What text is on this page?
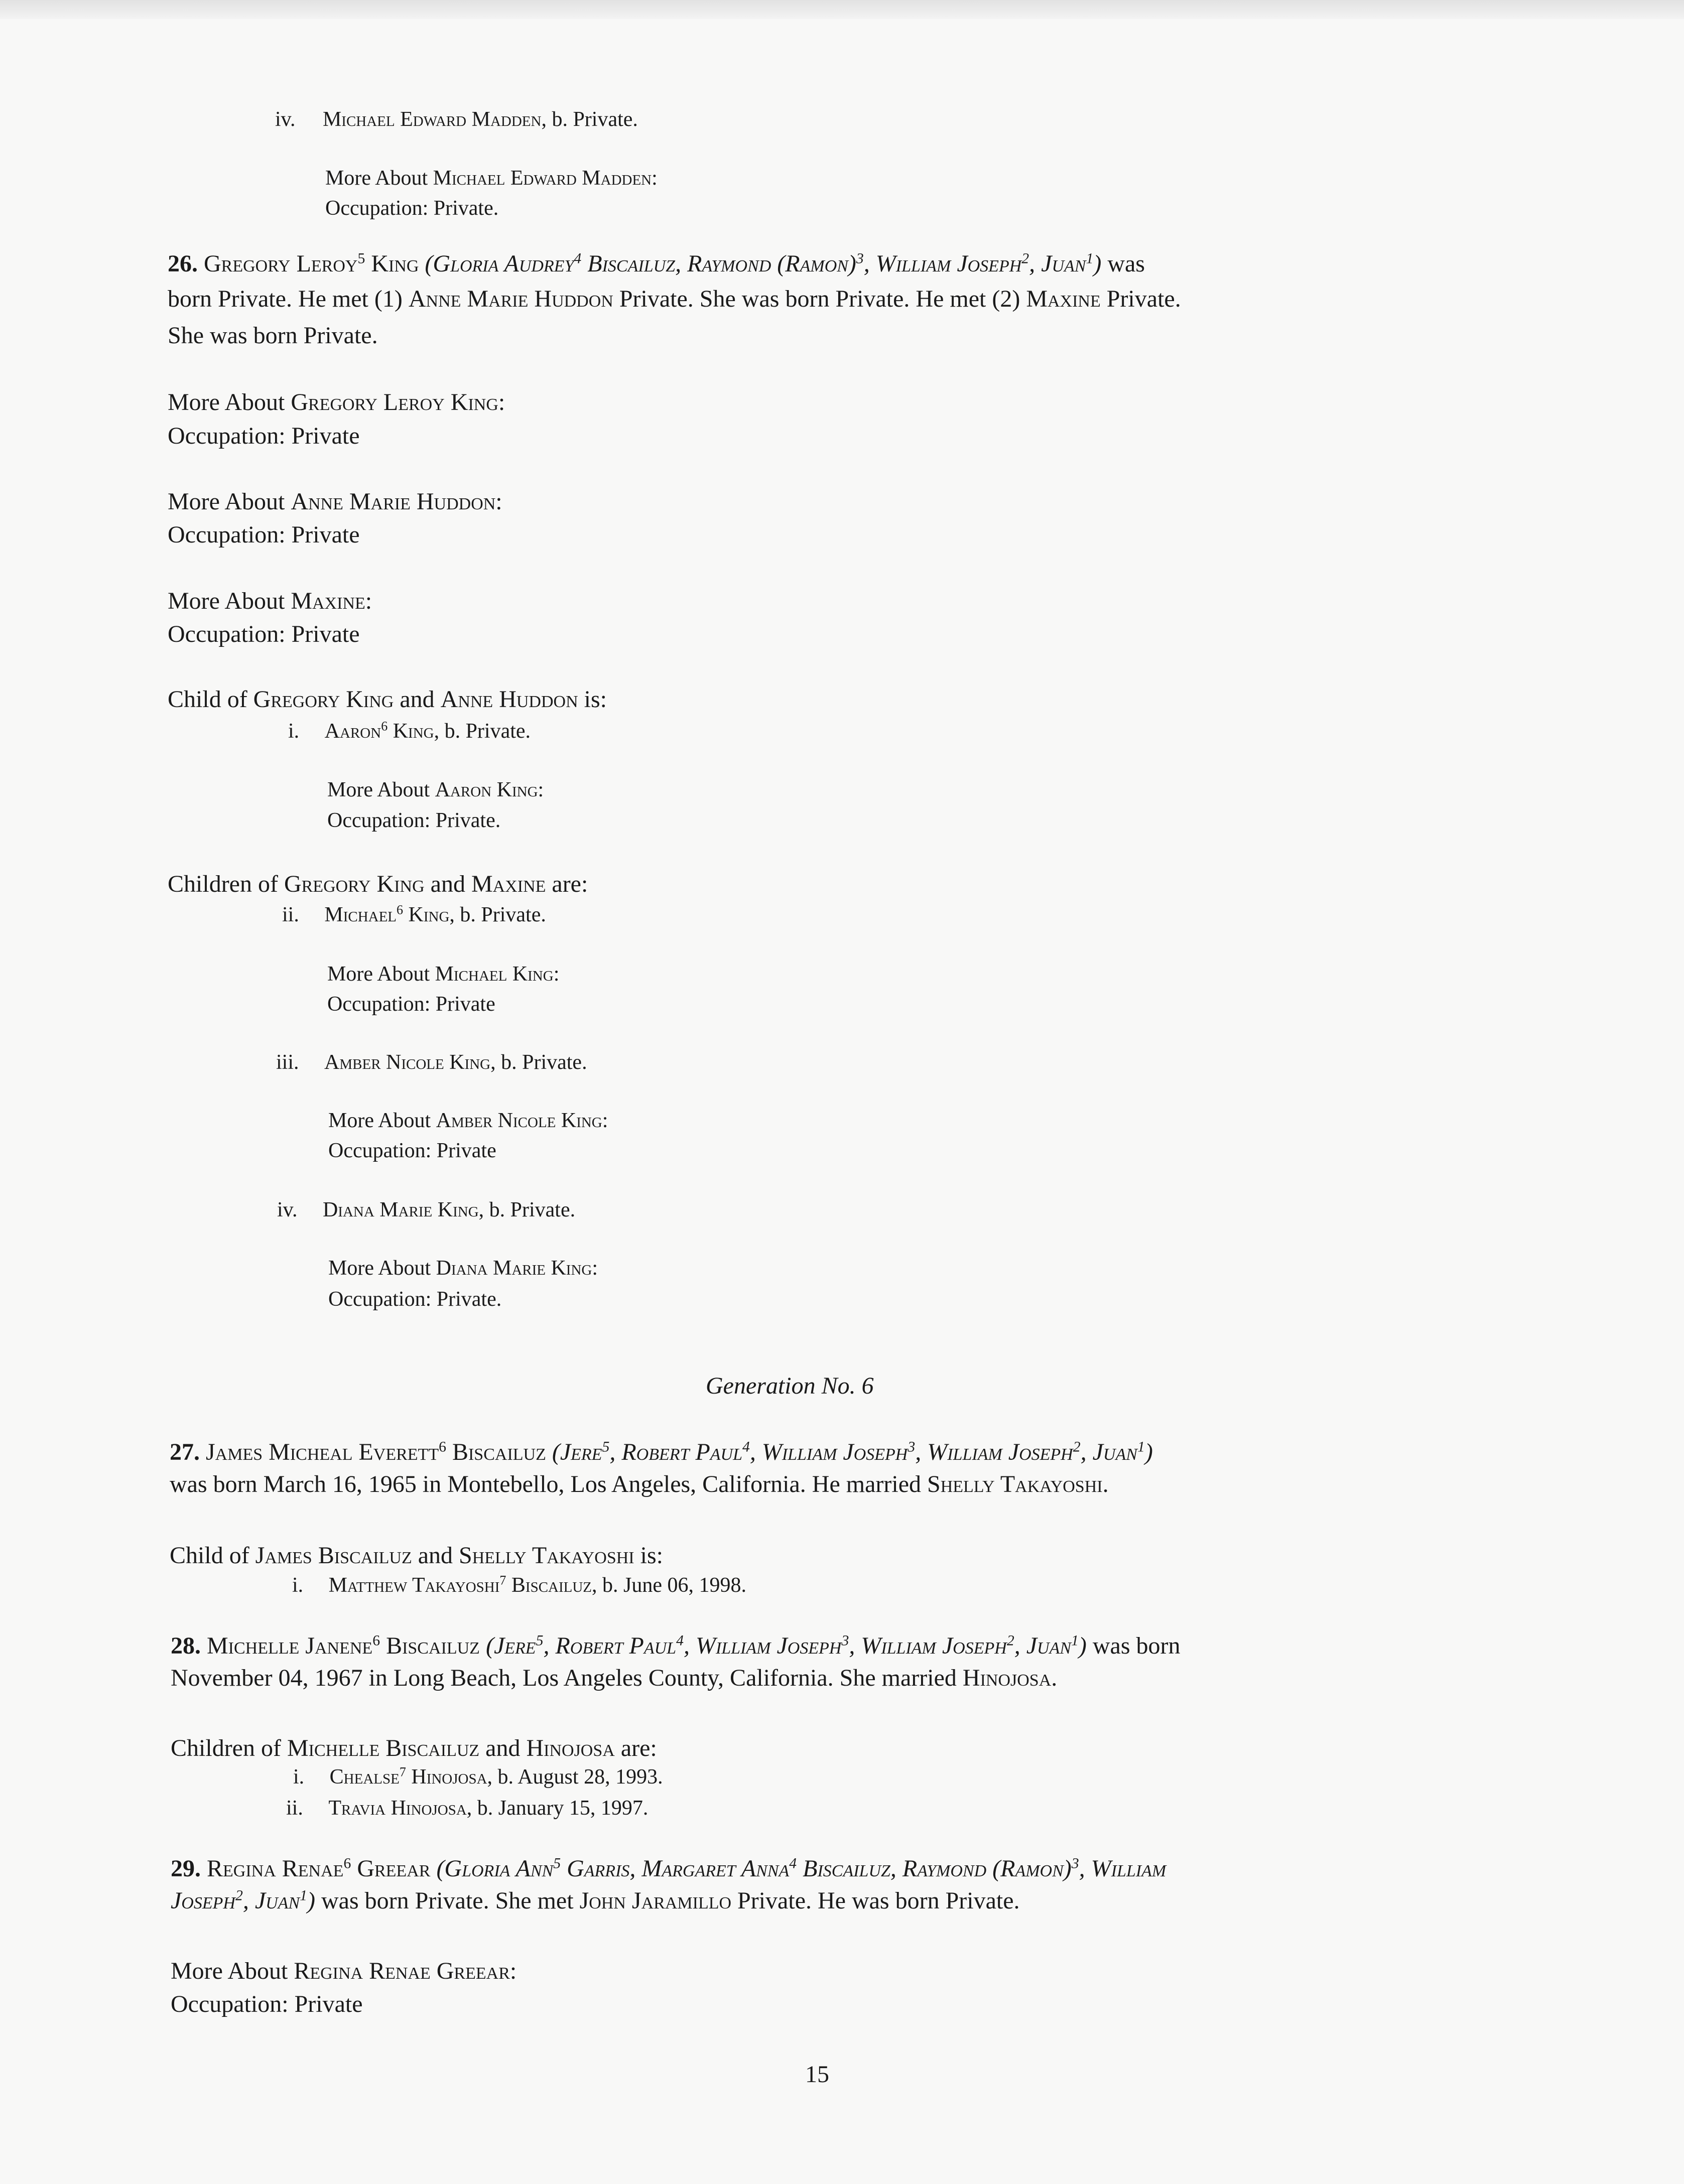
iv. Michael Edward Madden, b. Private.
More About Michael Edward Madden:
Occupation: Private.
26. Gregory Leroy$^5$ King (Gloria Audrey$^4$ Biscailuz, Raymond (Ramon)$^3$, William Joseph$^2$, Juan$^1$) was
born Private. He met (1) Anne Marie Huddon Private. She was born Private. He met (2) Maxine Private.
She was born Private.
More About Gregory Leroy King:
Occupation: Private
More About Anne Marie Huddon:
Occupation: Private
More About Maxine:
Occupation: Private
Child of Gregory King and Anne Huddon is:
i. Aaron$^6$ King, b. Private.
More About Aaron King:
Occupation: Private.
Children of Gregory King and Maxine are:
ii. Michael$^6$ King, b. Private.
More About Michael King:
Occupation: Private
iii. Amber Nicole King, b. Private.
More About Amber Nicole King:
Occupation: Private
iv. Diana Marie King, b. Private.
More About Diana Marie King:
Occupation: Private.
Generation No. 6
27. James Micheal Everett$^6$ Biscailuz (Jere$^5$, Robert Paul$^4$, William Joseph$^3$, William Joseph$^2$, Juan$^1$)
was born March 16, 1965 in Montebello, Los Angeles, California. He married Shelly Takayoshi.
Child of James Biscailuz and Shelly Takayoshi is:
i. Matthew Takayoshi$^7$ Biscailuz, b. June 06, 1998.
28. Michelle Janene$^6$ Biscailuz (Jere$^5$, Robert Paul$^4$, William Joseph$^3$, William Joseph$^2$, Juan$^1$) was born
November 04, 1967 in Long Beach, Los Angeles County, California. She married Hinojosa.
Children of Michelle Biscailuz and Hinojosa are:
i. Chealse$^7$ Hinojosa, b. August 28, 1993.
ii. Travia Hinojosa, b. January 15, 1997.
29. Regina Renae$^6$ Greear (Gloria Ann$^5$ Garris, Margaret Anna$^4$ Biscailuz, Raymond (Ramon)$^3$, William
Joseph$^2$, Juan$^1$) was born Private. She met John Jaramillo Private. He was born Private.
More About Regina Renae Greear:
Occupation: Private
15
